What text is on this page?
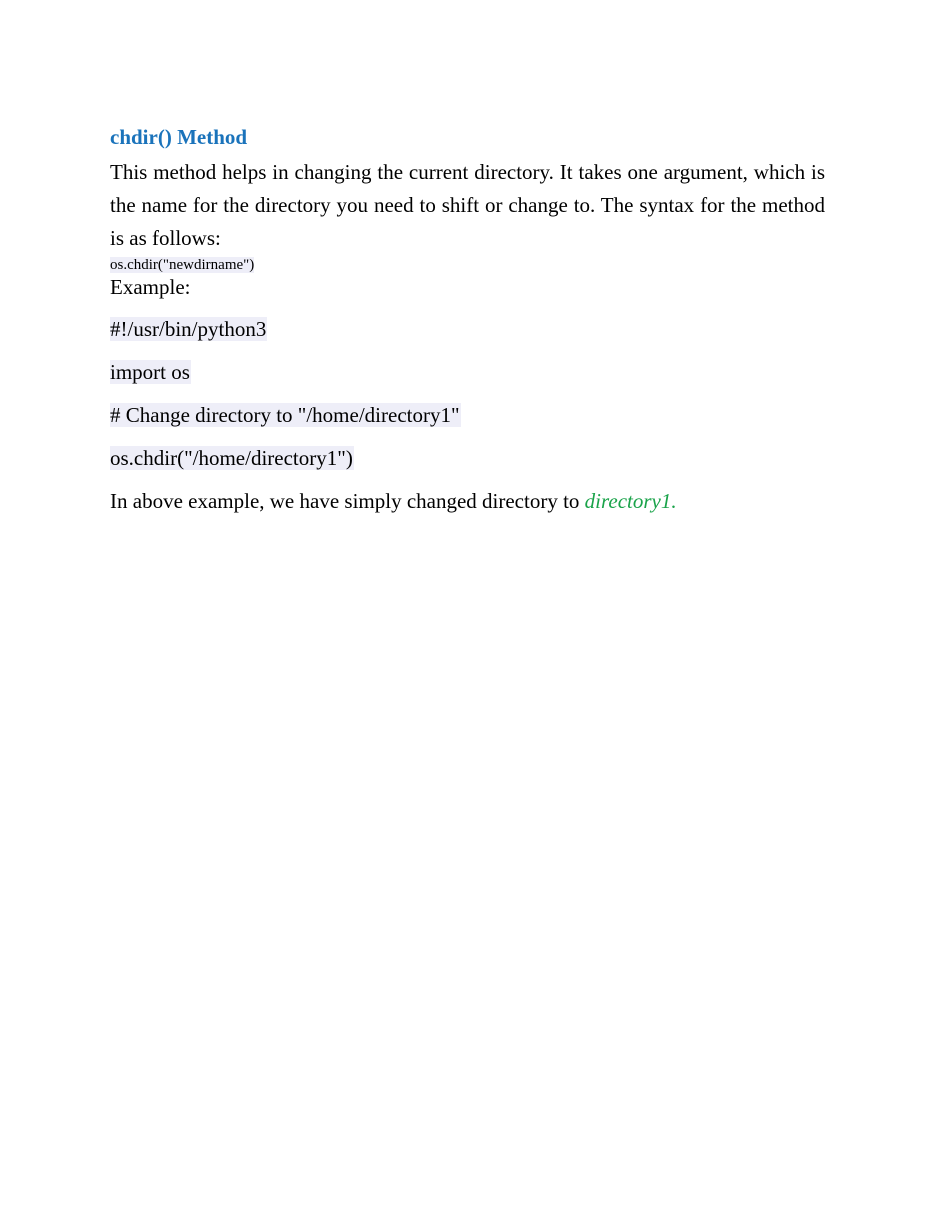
chdir() Method

This method helps in changing the current directory. It takes one argument, which is the name for the directory you need to shift or change to. The syntax for the method is as follows:

os.chdir("newdirname")
Example:
#!/usr/bin/python3
import os
# Change directory to "/home/directory1"
os.chdir("/home/directory1")

In above example, we have simply changed directory to directory1.
